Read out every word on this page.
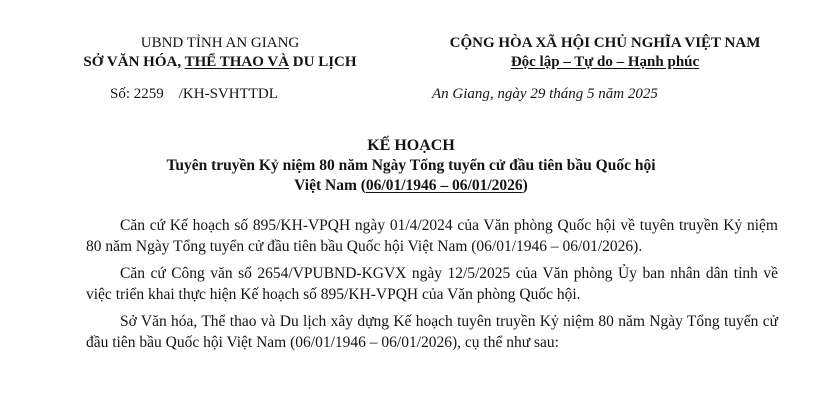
UBND TỈNH AN GIANG
SỞ VĂN HÓA, THỂ THAO VÀ DU LỊCH
CỘNG HÒA XÃ HỘI CHỦ NGHĨA VIỆT NAM
Độc lập – Tự do – Hạnh phúc
Số: 2259    /KH-SVHTTDL	An Giang, ngày 29 tháng 5 năm 2025
KẾ HOẠCH
Tuyên truyền Kỷ niệm 80 năm Ngày Tổng tuyển cử đầu tiên bầu Quốc hội
Việt Nam (06/01/1946 – 06/01/2026)

Căn cứ Kế hoạch số 895/KH-VPQH ngày 01/4/2024 của Văn phòng Quốc hội về tuyên truyền Kỷ niệm 80 năm Ngày Tổng tuyển cử đầu tiên bầu Quốc hội Việt Nam (06/01/1946 – 06/01/2026).

Căn cứ Công văn số 2654/VPUBND-KGVX ngày 12/5/2025 của Văn phòng Ủy ban nhân dân tỉnh về việc triển khai thực hiện Kế hoạch số 895/KH-VPQH của Văn phòng Quốc hội.

Sở Văn hóa, Thể thao và Du lịch xây dựng Kế hoạch tuyên truyền Kỷ niệm 80 năm Ngày Tổng tuyển cử đầu tiên bầu Quốc hội Việt Nam (06/01/1946 – 06/01/2026), cụ thể như sau:
